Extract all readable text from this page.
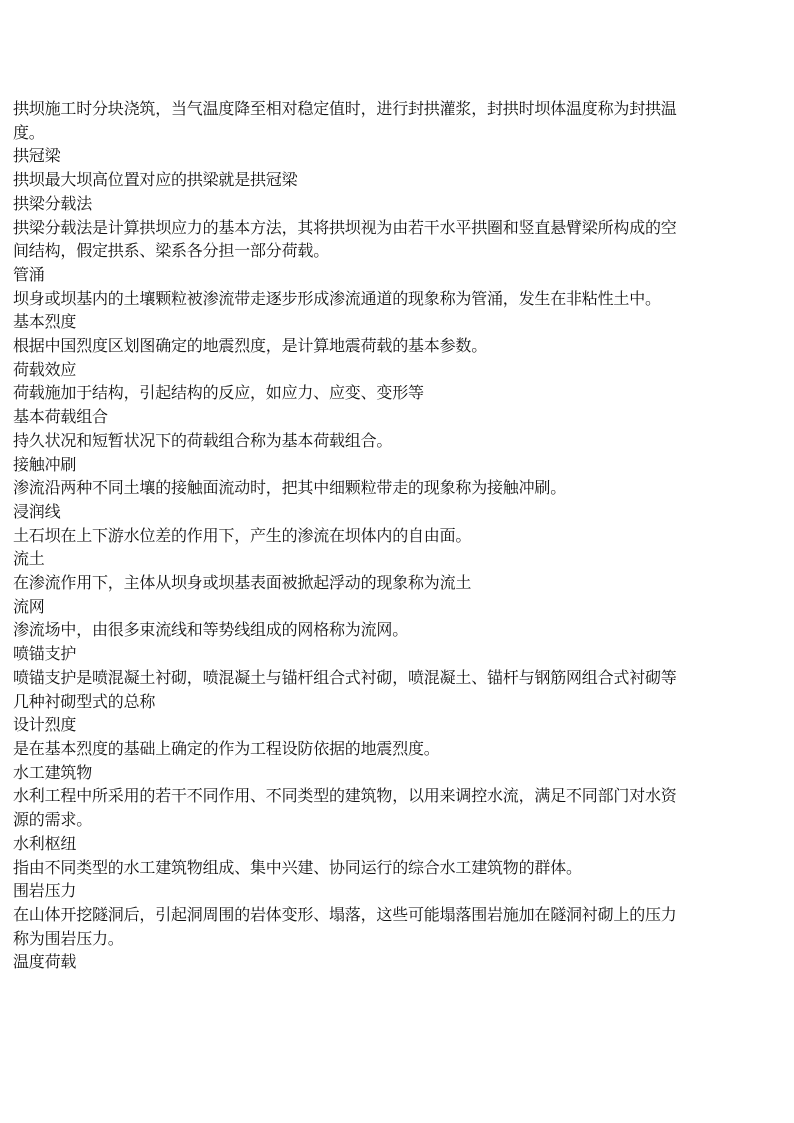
拱坝施工时分块浇筑，当气温度降至相对稳定值时，进行封拱灌浆，封拱时坝体温度称为封拱温
度。
拱冠梁
拱坝最大坝高位置对应的拱梁就是拱冠梁
拱梁分载法
拱梁分载法是计算拱坝应力的基本方法，其将拱坝视为由若干水平拱圈和竖直悬臂梁所构成的空
间结构，假定拱系、梁系各分担一部分荷载。
管涌
坝身或坝基内的土壤颗粒被渗流带走逐步形成渗流通道的现象称为管涌，发生在非粘性土中。
基本烈度
根据中国烈度区划图确定的地震烈度，是计算地震荷载的基本参数。
荷载效应
荷载施加于结构，引起结构的反应，如应力、应变、变形等
基本荷载组合
持久状况和短暂状况下的荷载组合称为基本荷载组合。
接触冲刷
渗流沿两种不同土壤的接触面流动时，把其中细颗粒带走的现象称为接触冲刷。
浸润线
土石坝在上下游水位差的作用下，产生的渗流在坝体内的自由面。
流土
在渗流作用下，主体从坝身或坝基表面被掀起浮动的现象称为流土
流网
渗流场中，由很多束流线和等势线组成的网格称为流网。
喷锚支护
喷锚支护是喷混凝土衬砌，喷混凝土与锚杆组合式衬砌，喷混凝土、锚杆与钢筋网组合式衬砌等
几种衬砌型式的总称
设计烈度
是在基本烈度的基础上确定的作为工程设防依据的地震烈度。
水工建筑物
水利工程中所采用的若干不同作用、不同类型的建筑物，以用来调控水流，满足不同部门对水资
源的需求。
水利枢纽
指由不同类型的水工建筑物组成、集中兴建、协同运行的综合水工建筑物的群体。
围岩压力
在山体开挖隧洞后，引起洞周围的岩体变形、塌落，这些可能塌落围岩施加在隧洞衬砌上的压力
称为围岩压力。
温度荷载
